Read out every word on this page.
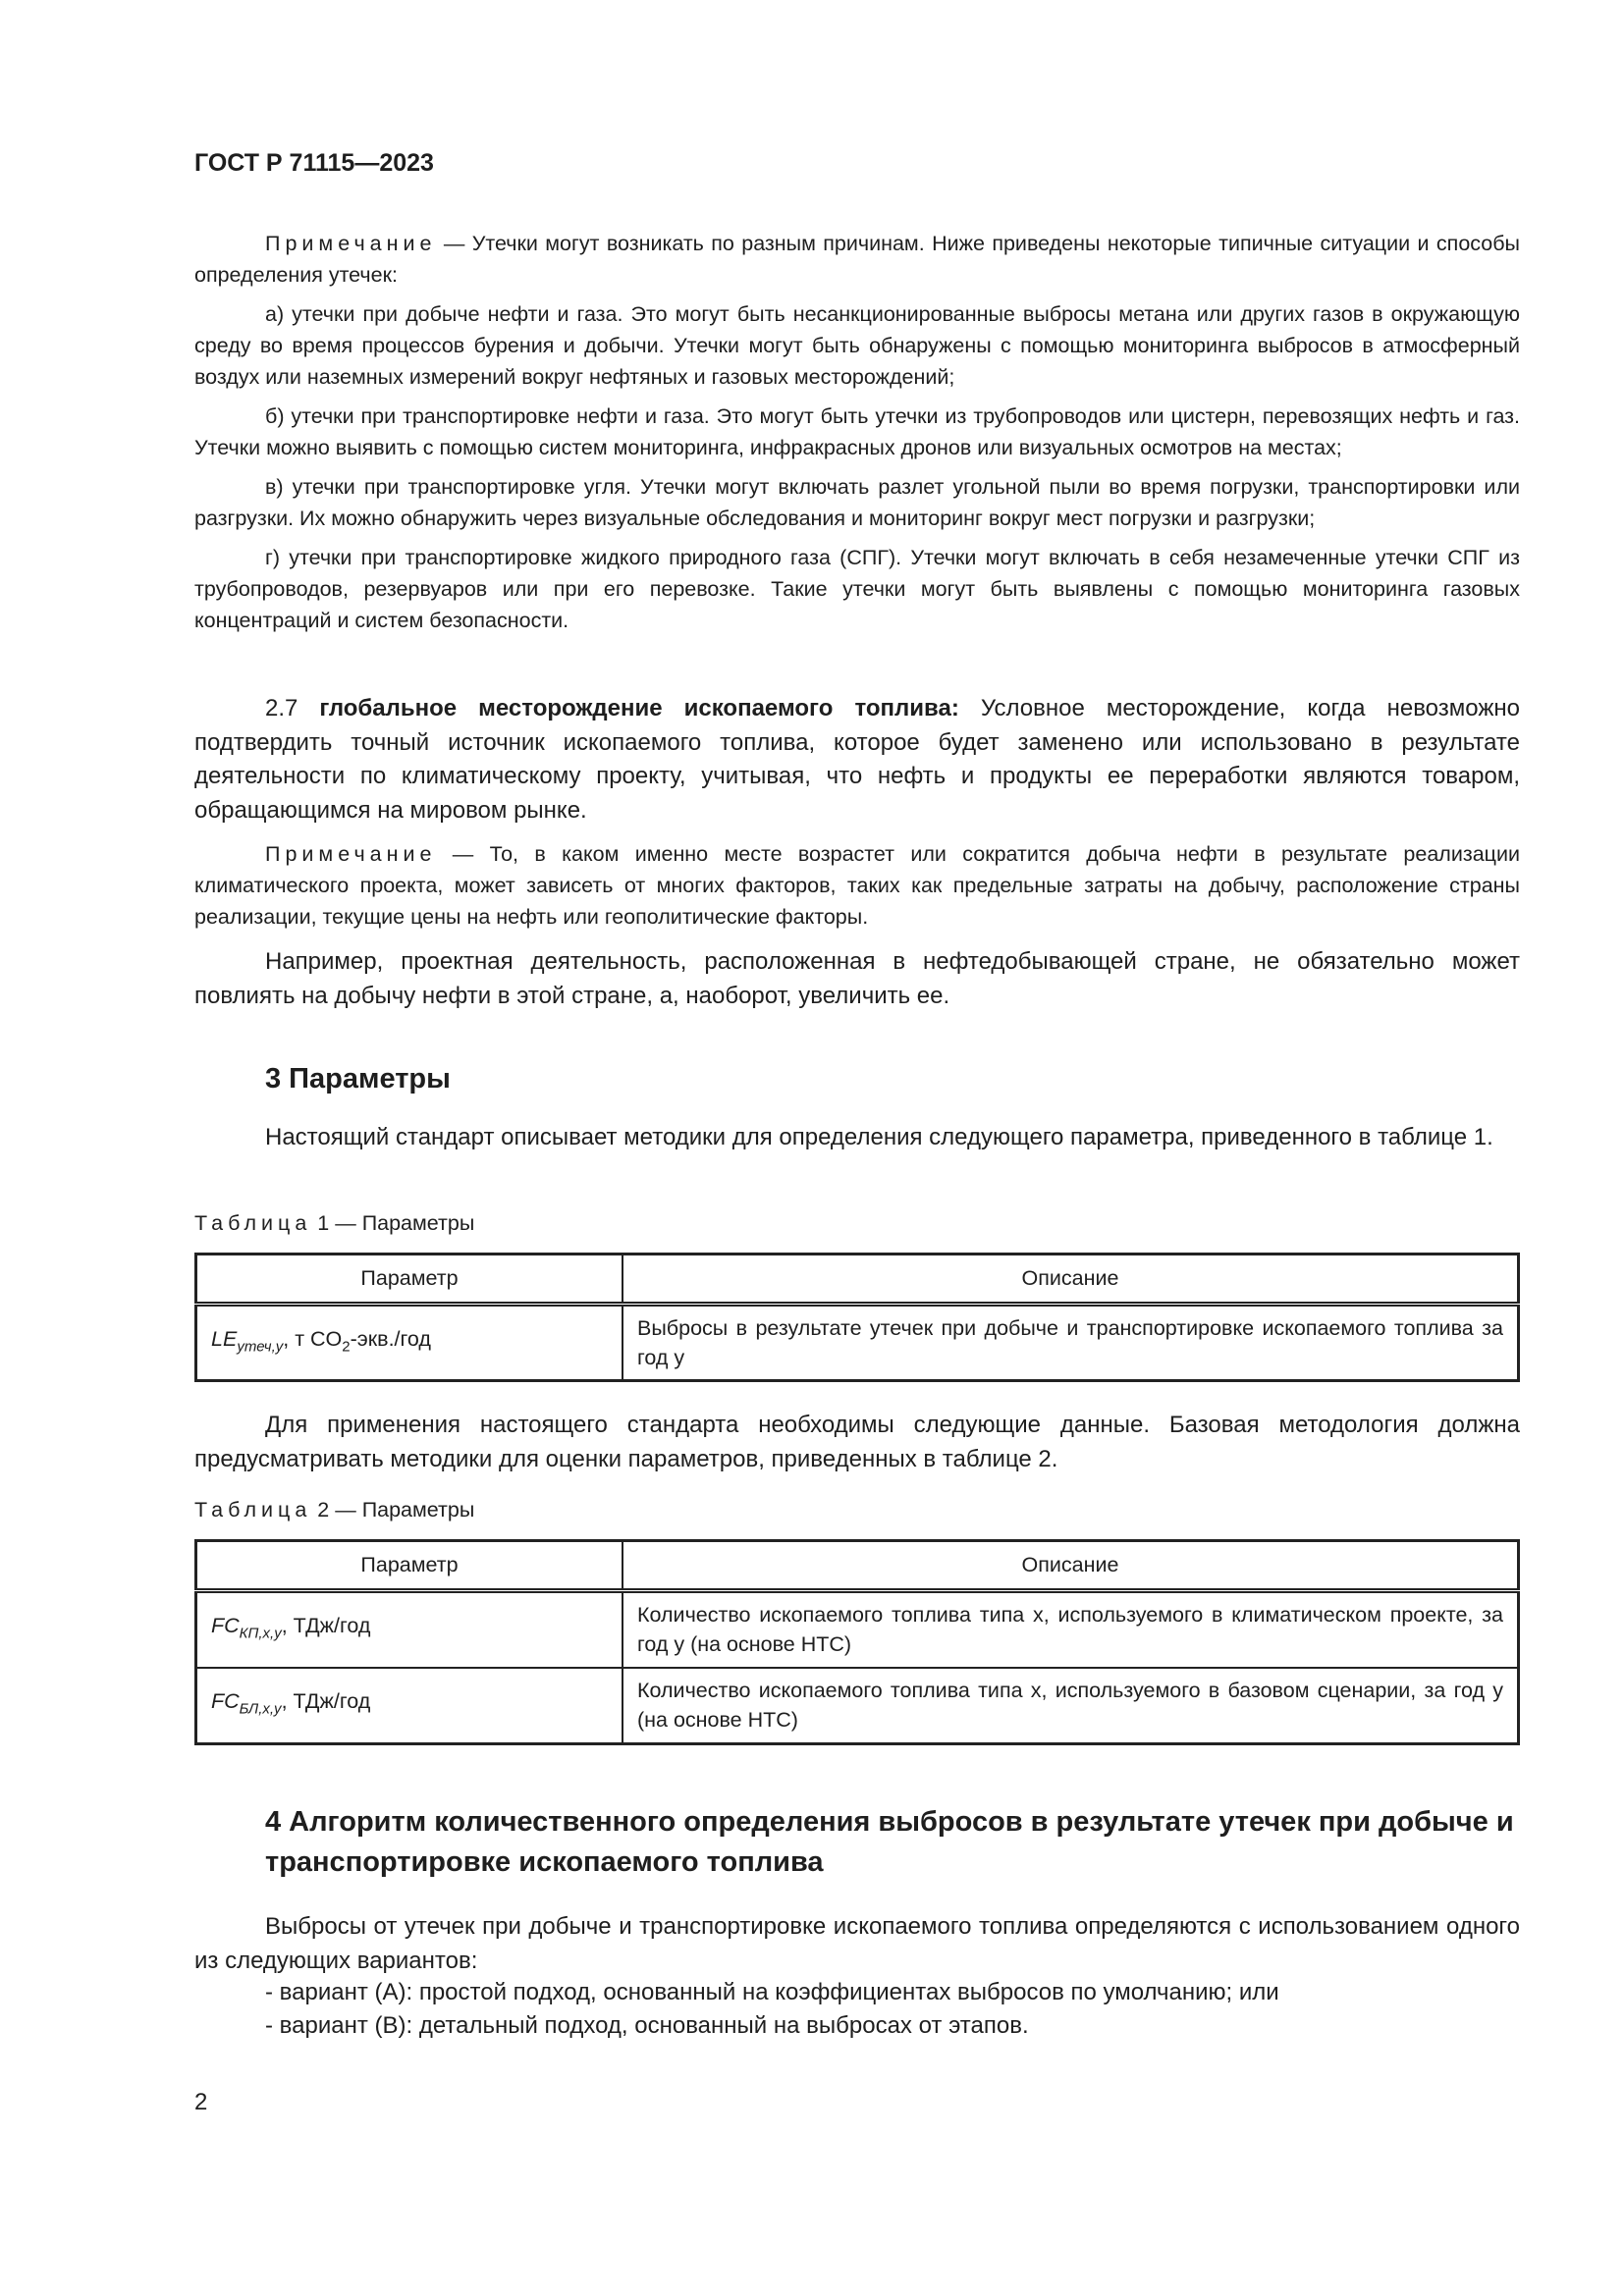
ГОСТ Р 71115—2023

Примечание — Утечки могут возникать по разным причинам. Ниже приведены некоторые типичные ситуации и способы определения утечек:

а) утечки при добыче нефти и газа. Это могут быть несанкционированные выбросы метана или других газов в окружающую среду во время процессов бурения и добычи. Утечки могут быть обнаружены с помощью мониторинга выбросов в атмосферный воздух или наземных измерений вокруг нефтяных и газовых месторождений;

б) утечки при транспортировке нефти и газа. Это могут быть утечки из трубопроводов или цистерн, перевозящих нефть и газ. Утечки можно выявить с помощью систем мониторинга, инфракрасных дронов или визуальных осмотров на местах;

в) утечки при транспортировке угля. Утечки могут включать разлет угольной пыли во время погрузки, транспортировки или разгрузки. Их можно обнаружить через визуальные обследования и мониторинг вокруг мест погрузки и разгрузки;

г) утечки при транспортировке жидкого природного газа (СПГ). Утечки могут включать в себя незамеченные утечки СПГ из трубопроводов, резервуаров или при его перевозке. Такие утечки могут быть выявлены с помощью мониторинга газовых концентраций и систем безопасности.

2.7 глобальное месторождение ископаемого топлива: Условное месторождение, когда невозможно подтвердить точный источник ископаемого топлива, которое будет заменено или использовано в результате деятельности по климатическому проекту, учитывая, что нефть и продукты ее переработки являются товаром, обращающимся на мировом рынке.

Примечание — То, в каком именно месте возрастет или сократится добыча нефти в результате реализации климатического проекта, может зависеть от многих факторов, таких как предельные затраты на добычу, расположение страны реализации, текущие цены на нефть или геополитические факторы.

Например, проектная деятельность, расположенная в нефтедобывающей стране, не обязательно может повлиять на добычу нефти в этой стране, а, наоборот, увеличить ее.

3 Параметры

Настоящий стандарт описывает методики для определения следующего параметра, приведенного в таблице 1.

Таблица 1 — Параметры
Параметр	Описание
$LE_{утеч,y}$, т $CO_2-экв$./год	Выбросы в результате утечек при добыче и транспортировке ископаемого топлива за год y

Для применения настоящего стандарта необходимы следующие данные. Базовая методология должна предусматривать методики для оценки параметров, приведенных в таблице 2.

Таблица 2 — Параметры
Параметр	Описание
$FC_{КП,x,y}$, ТДж/год	Количество ископаемого топлива типа x, используемого в климатическом проекте, за год y (на основе НТС)
$FC_{БЛ,x,y}$, ТДж/год	Количество ископаемого топлива типа x, используемого в базовом сценарии, за год y (на основе НТС)
4 Алгоритм количественного определения выбросов в результате утечек при добыче и транспортировке ископаемого топлива

Выбросы от утечек при добыче и транспортировке ископаемого топлива определяются с использованием одного из следующих вариантов:

- вариант (А): простой подход, основанный на коэффициентах выбросов по умолчанию; или
- вариант (В): детальный подход, основанный на выбросах от этапов.
2
